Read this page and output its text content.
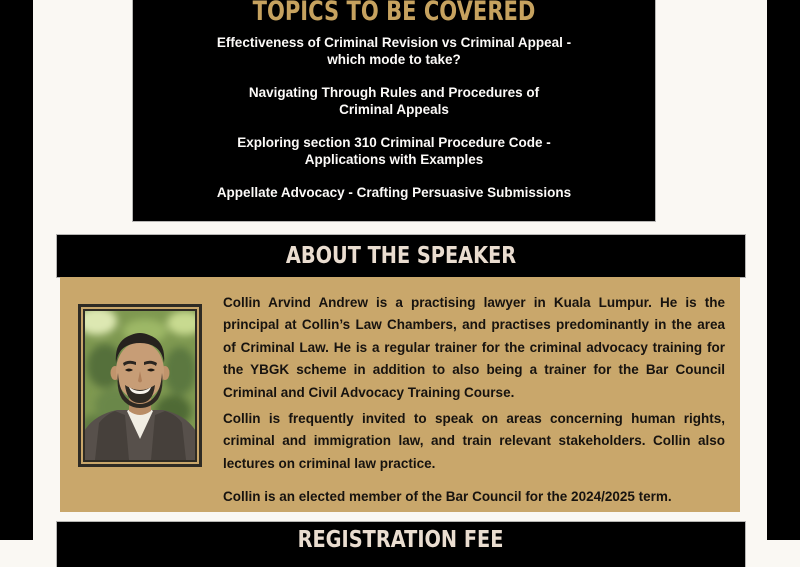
TOPICS TO BE COVERED
Effectiveness of Criminal Revision vs Criminal Appeal -
which mode to take?
Navigating Through Rules and Procedures of
Criminal Appeals
Exploring section 310 Criminal Procedure Code -
Applications with Examples
Appellate Advocacy - Crafting Persuasive Submissions
ABOUT THE SPEAKER

Collin Arvind Andrew is a practising lawyer in Kuala Lumpur. He is the principal at Collin’s Law Chambers, and practises predominantly in the area of Criminal Law. He is a regular trainer for the criminal advocacy training for the YBGK scheme in addition to also being a trainer for the Bar Council Criminal and Civil Advocacy Training Course.

Collin is frequently invited to speak on areas concerning human rights, criminal and immigration law, and train relevant stakeholders. Collin also lectures on criminal law practice.

Collin is an elected member of the Bar Council for the 2024/2025 term.

REGISTRATION FEE
